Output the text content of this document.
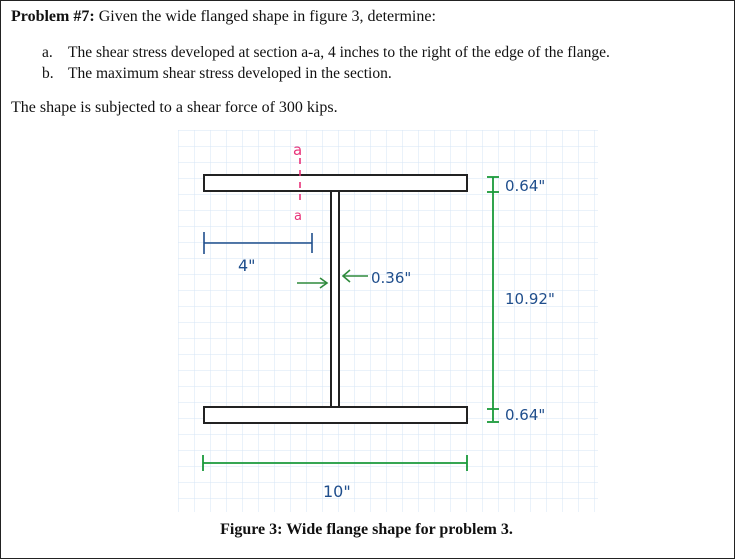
Problem #7: Given the wide flanged shape in figure 3, determine:

a. The shear stress developed at section a-a, 4 inches to the right of the edge of the flange.
b. The maximum shear stress developed in the section.

The shape is subjected to a shear force of 300 kips.

a
a
4"
0.36"
0.64"
10.92"
0.64"
10"

Figure 3: Wide flange shape for problem 3.
